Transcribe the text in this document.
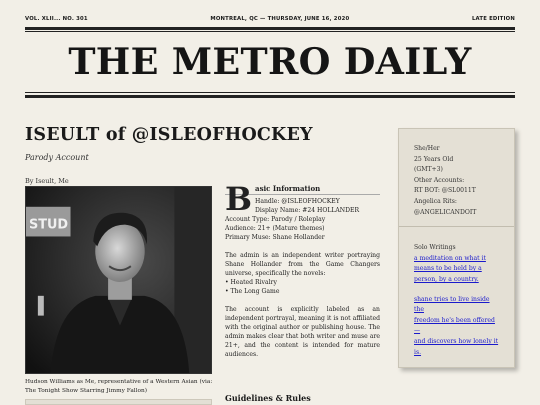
VOL. XLII... NO. 301	MONTREAL, QC — THURSDAY, JUNE 16, 2020	LATE EDITION
THE METRO DAILY
ISEULT of @ISLEOFHOCKEY
Parody Account
By Iseult, Me
STUD
Hudson Williams as Me, representative of a Western Asian (via: The Tonight Show Starring Jimmy Fallon)
B asic Information
Handle: @ISLEOFHOCKEY
Display Name: #24 HOLLANDER
Account Type: Parody / Roleplay
Audience: 21+ (Mature themes)
Primary Muse: Shane Hollander

The admin is an independent writer portraying Shane Hollander from the Game Changers universe, specifically the novels:

• Heated Rivalry
• The Long Game

The account is explicitly labeled as an independent portrayal, meaning it is not affiliated with the original author or publishing house. The admin makes clear that both writer and muse are 21+, and the content is intended for mature audiences.

Guidelines & Rules
She/Her
25 Years Old
(GMT+3)
Other Accounts:
RT BOT: @SL0011T
Angelica Rits:
@ANGELICANDOIT
Solo Writings
a meditation on what it
means to be held by a
person, by a country.
shane tries to live inside the
freedom he's been offered—
and discovers how lonely it
is.
